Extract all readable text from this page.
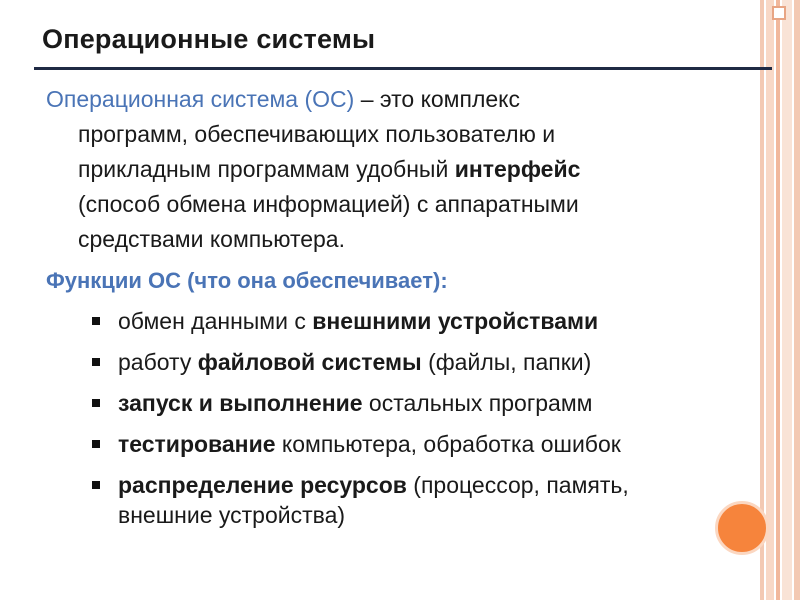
Операционные системы
Операционная система (ОС) – это комплекс
программ, обеспечивающих пользователю и
прикладным программам удобный интерфейс
(способ обмена информацией) с аппаратными
средствами компьютера.
Функции ОС (что она обеспечивает):
обмен данными с внешними устройствами
работу файловой системы (файлы, папки)
запуск и выполнение остальных программ
тестирование компьютера, обработка ошибок
распределение ресурсов (процессор, память,
внешние устройства)
